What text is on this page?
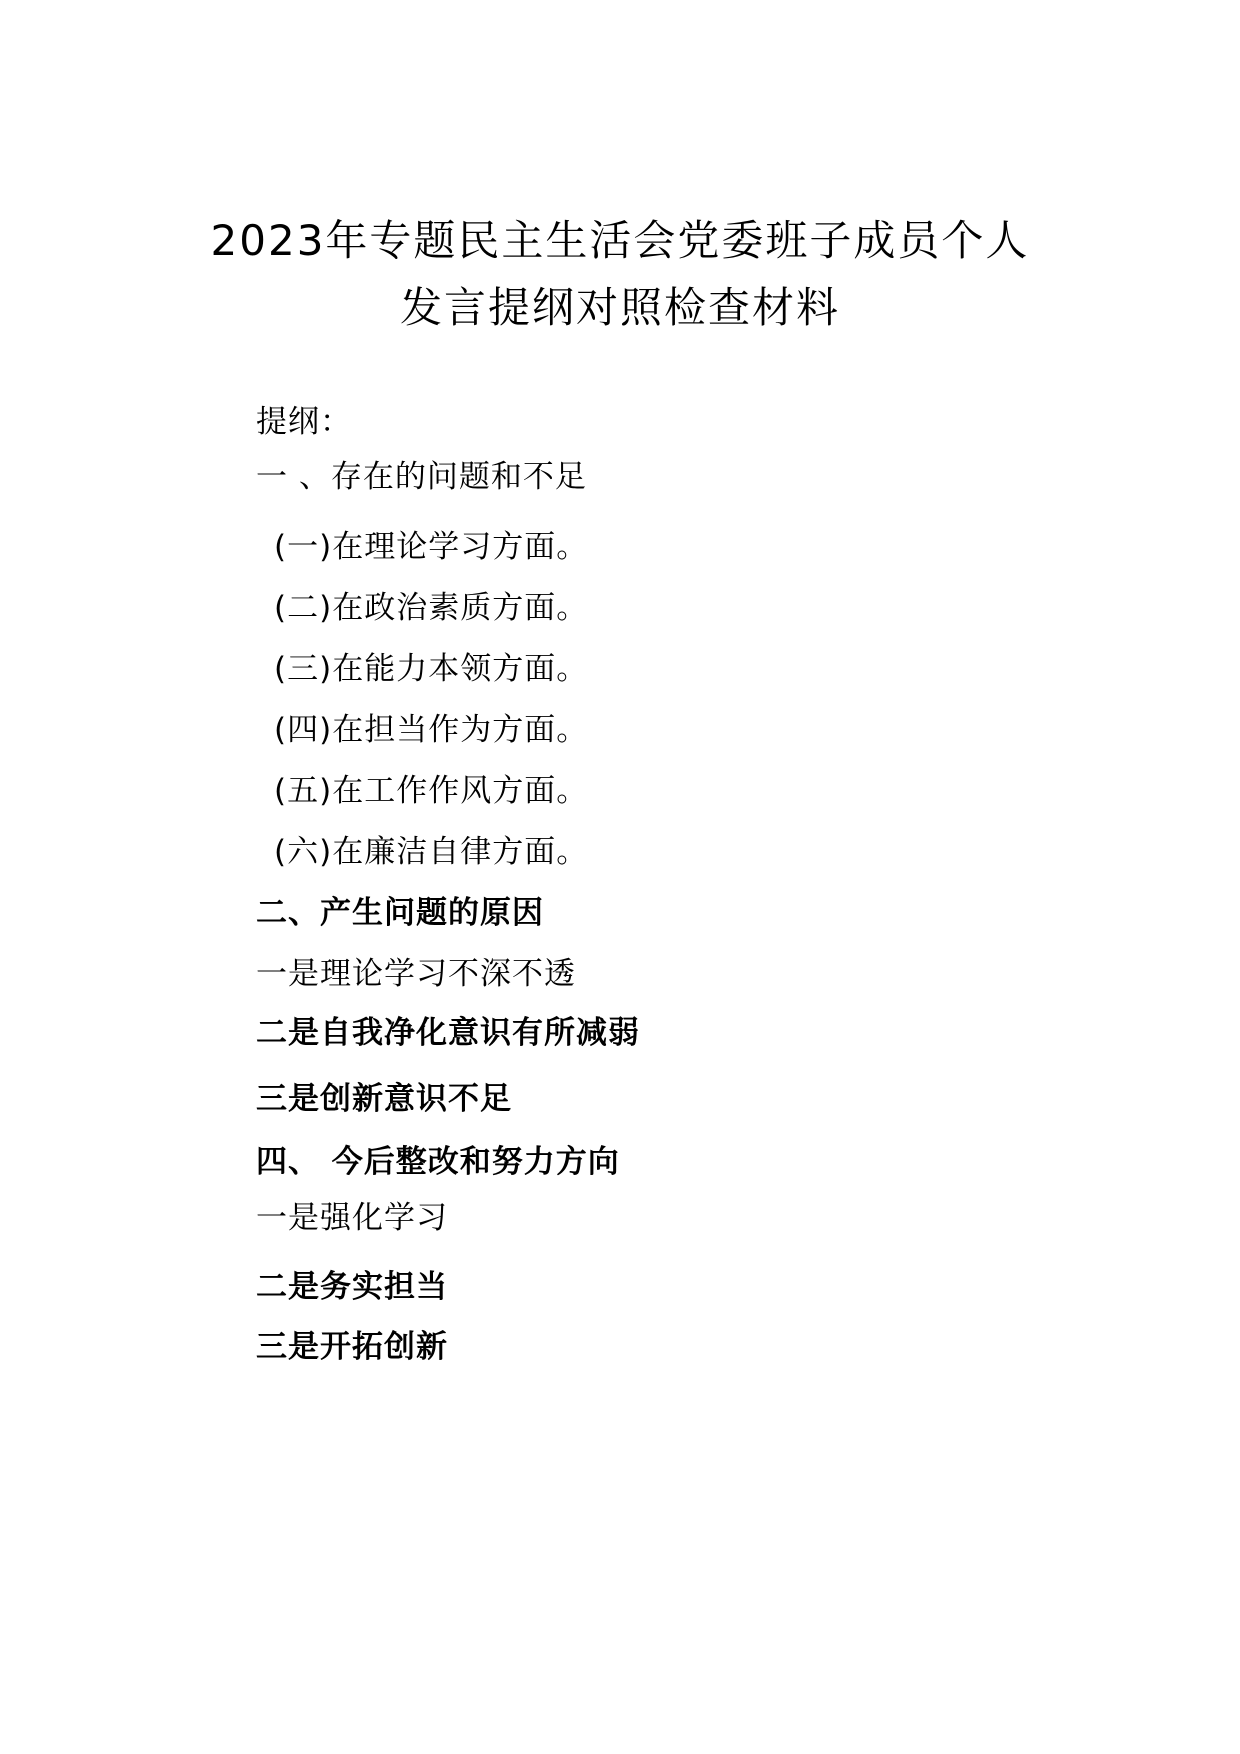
2023年专题民主生活会党委班子成员个人
发言提纲对照检查材料
提纲：
一 、存在的问题和不足
(一)在理论学习方面。
(二)在政治素质方面。
(三)在能力本领方面。
(四)在担当作为方面。
(五)在工作作风方面。
(六)在廉洁自律方面。
二、产生问题的原因
一是理论学习不深不透
二是自我净化意识有所减弱
三是创新意识不足
四、 今后整改和努力方向
一是强化学习
二是务实担当
三是开拓创新
